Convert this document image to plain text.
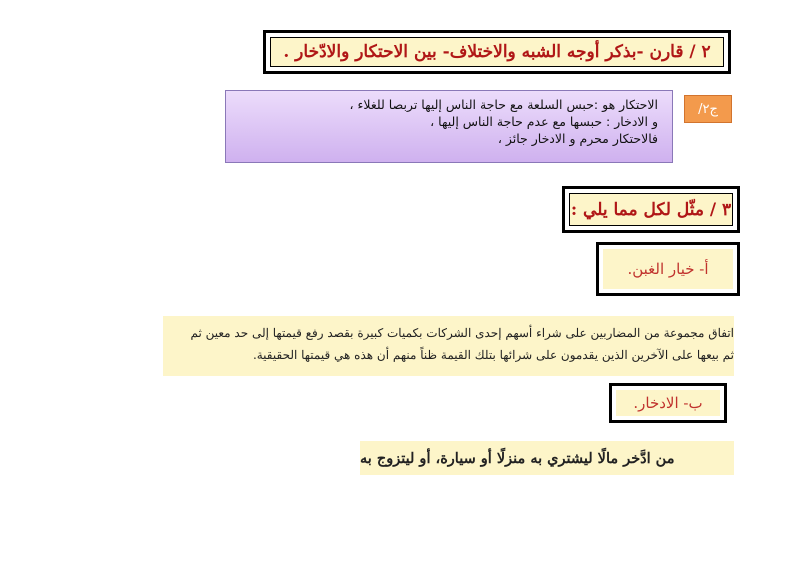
٢ / قارن -بذكر أوجه الشبه والاختلاف- بين الاحتكار والادّخار .
ج٢/
الاحتكار هو :حبس السلعة مع حاجة الناس إليها تربصا للغلاء ،
و الادخار : حبسها مع عدم حاجة الناس إليها ،
فالاحتكار محرم و الادخار جائز ،
٣ / مثّل لكل مما يلي :
أ- خيار الغبن.
اتفاق مجموعة من المضاربين على شراء أسهم إحدى الشركات بكميات كبيرة بقصد رفع قيمتها إلى حد معين ثم
ثم بيعها على الآخرين الذين يقدمون على شرائها بتلك القيمة ظناً منهم أن هذه هي قيمتها الحقيقية.
ب- الادخار.
من ادَّخر مالًا ليشتري به منزلًا أو سيارة، أو ليتزوج به
